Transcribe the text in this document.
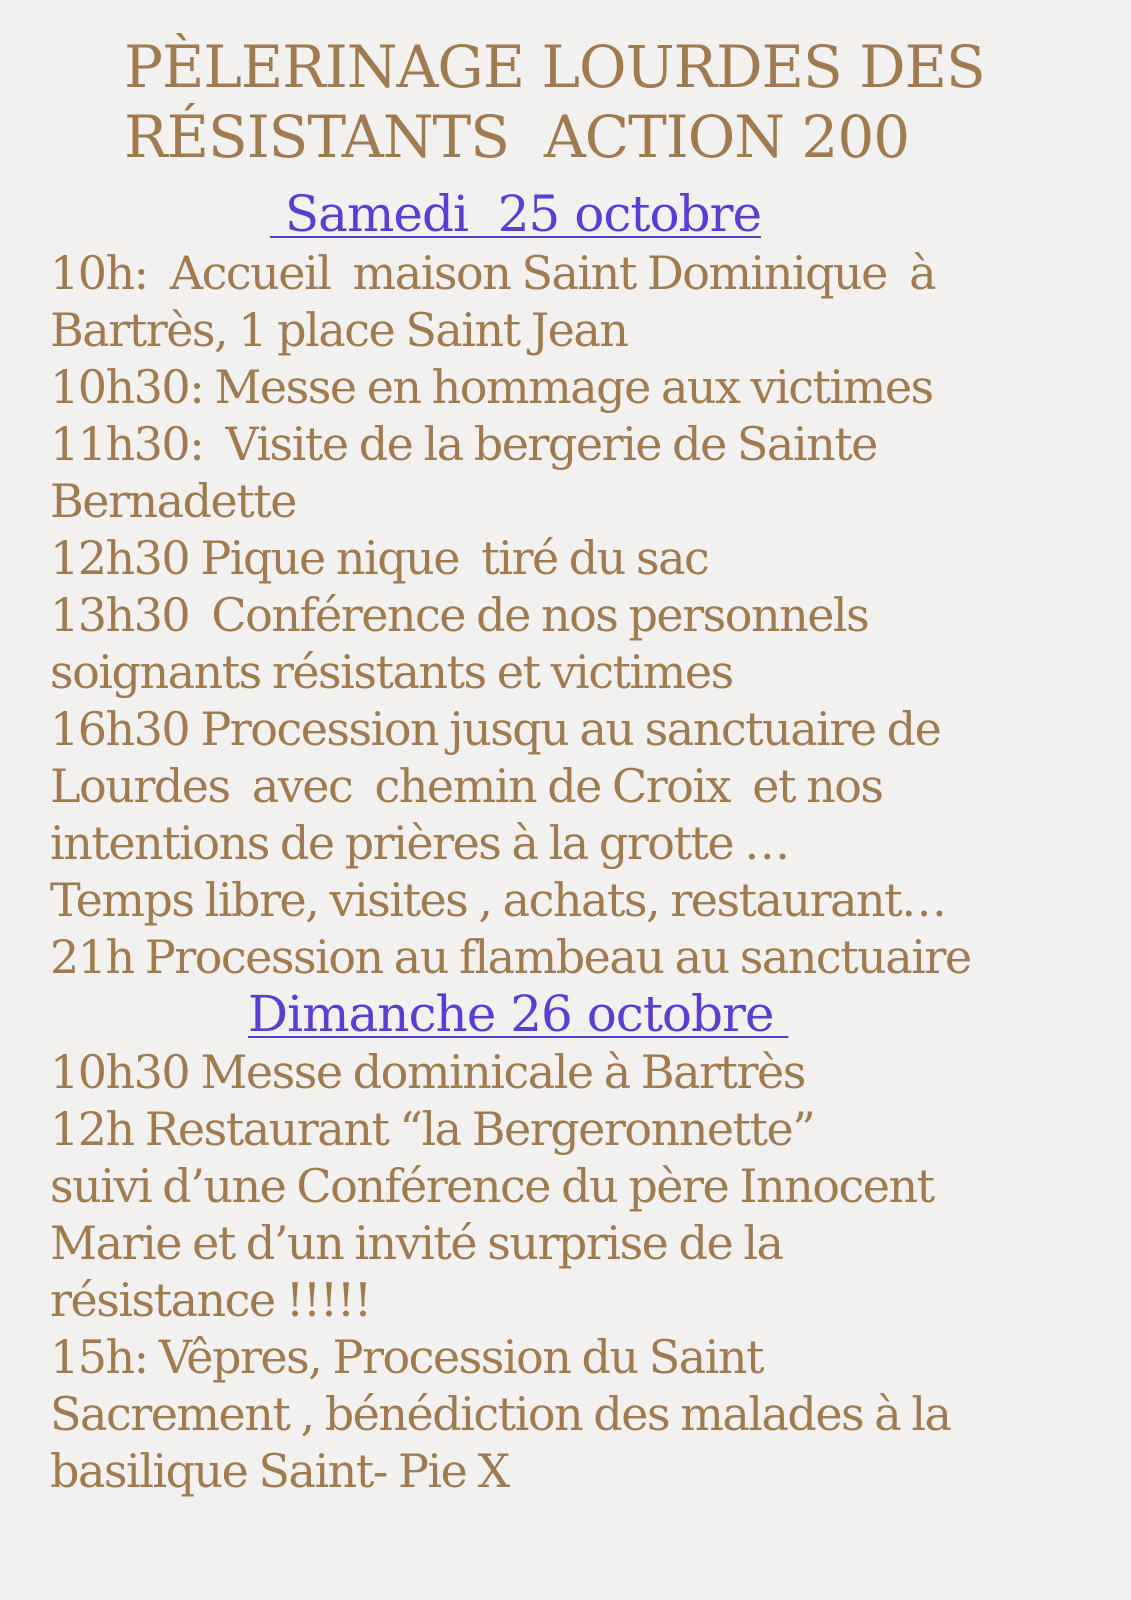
PÈLERINAGE LOURDES DES
RÉSISTANTS  ACTION 200
Samedi  25 octobre
10h:  Accueil  maison Saint Dominique  à
Bartrès, 1 place Saint Jean
10h30: Messe en hommage aux victimes
11h30:  Visite de la bergerie de Sainte
Bernadette
12h30 Pique nique  tiré du sac
13h30  Conférence de nos personnels
soignants résistants et victimes
16h30 Procession jusqu au sanctuaire de
Lourdes  avec  chemin de Croix  et nos
intentions de prières à la grotte …
Temps libre, visites , achats, restaurant…
21h Procession au flambeau au sanctuaire
Dimanche 26 octobre
10h30 Messe dominicale à Bartrès
12h Restaurant “la Bergeronnette”
suivi d’une Conférence du père Innocent
Marie et d’un invité surprise de la
résistance !!!!!
15h: Vêpres, Procession du Saint
Sacrement , bénédiction des malades à la
basilique Saint- Pie X
